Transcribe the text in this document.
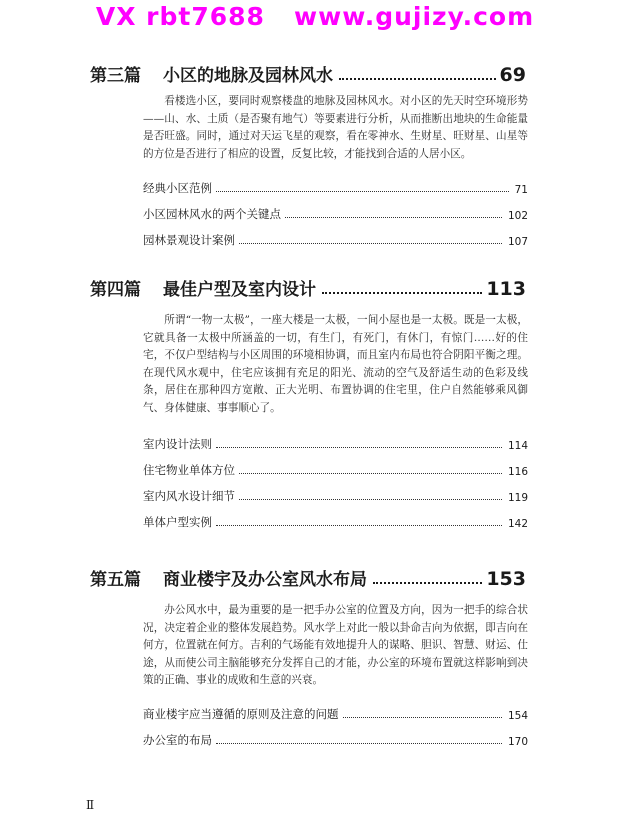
VX rbt7688   www.gujizy.com
第三篇 小区的地脉及园林风水	69

看楼选小区，要同时观察楼盘的地脉及园林风水。对小区的先天时空环境形势——山、水、土质（是否聚有地气）等要素进行分析，从而推断出地块的生命能量是否旺盛。同时，通过对天运飞星的观察，看在零神水、生财星、旺财星、山星等的方位是否进行了相应的设置，反复比较，才能找到合适的人居小区。

经典小区范例	71
小区园林风水的两个关键点	102
园林景观设计案例	107
第四篇 最佳户型及室内设计	113

所谓“一物一太极”，一座大楼是一太极，一间小屋也是一太极。既是一太极，它就具备一太极中所涵盖的一切，有生门，有死门，有休门，有惊门……好的住宅，不仅户型结构与小区周围的环境相协调，而且室内布局也符合阴阳平衡之理。在现代风水观中，住宅应该拥有充足的阳光、流动的空气及舒适生动的色彩及线条，居住在那种四方宽敞、正大光明、布置协调的住宅里，住户自然能够乘风御气、身体健康、事事顺心了。

室内设计法则	114
住宅物业单体方位	116
室内风水设计细节	119
单体户型实例	142
第五篇 商业楼宇及办公室风水布局	153

办公风水中，最为重要的是一把手办公室的位置及方向，因为一把手的综合状况，决定着企业的整体发展趋势。风水学上对此一般以卦命吉向为依据，即吉向在何方，位置就在何方。吉利的气场能有效地提升人的谋略、胆识、智慧、财运、仕途，从而使公司主脑能够充分发挥自己的才能，办公室的环境布置就这样影响到决策的正确、事业的成败和生意的兴衰。

商业楼宇应当遵循的原则及注意的问题	154
办公室的布局	170
Ⅱ
